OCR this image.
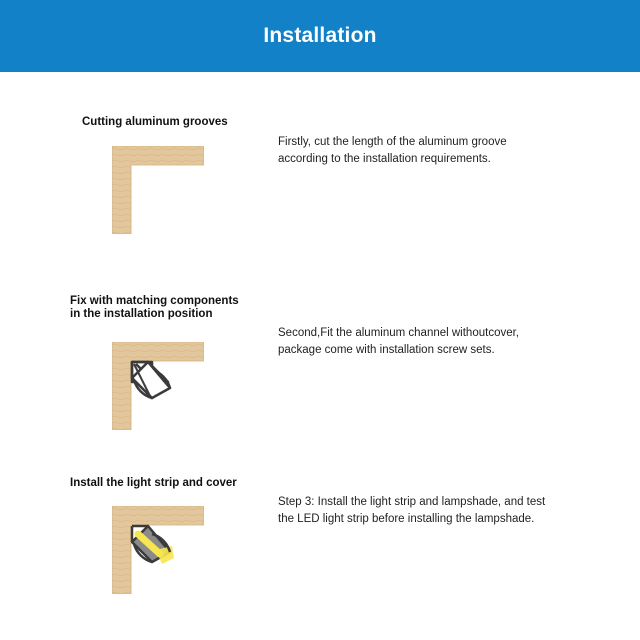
Installation
Cutting aluminum grooves
Firstly, cut the length of the aluminum groove
according to the installation requirements.
Fix with matching components
in the installation position
Second,Fit the aluminum channel withoutcover,
package come with installation screw sets.
Install the light strip and cover
Step 3: Install the light strip and lampshade, and test
the LED light strip before installing the lampshade.
